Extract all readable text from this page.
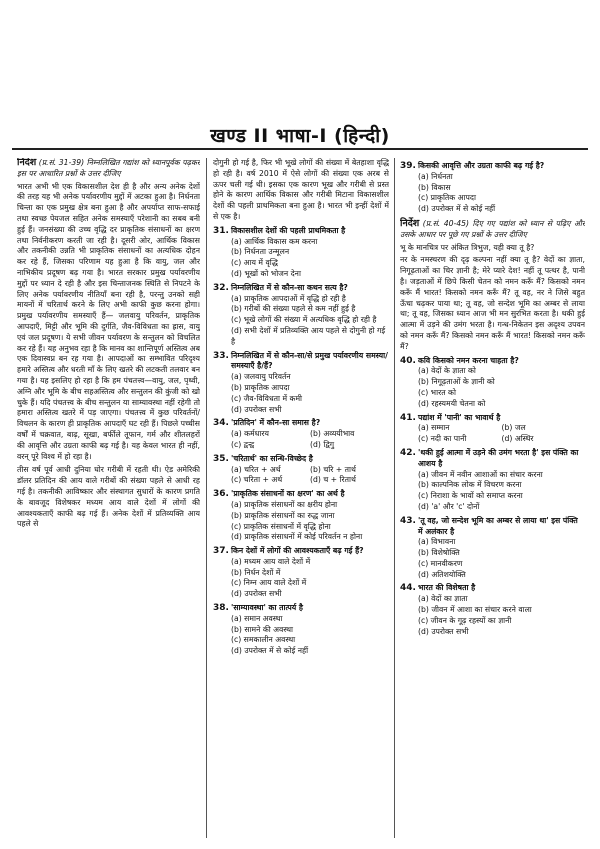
खण्ड II भाषा-I (हिन्दी)

निर्देश (प्र.सं. 31-39) निम्नलिखित गद्यांश को ध्यानपूर्वक पढ़कर इस पर आधारित प्रश्नों के उत्तर दीजिए

भारत अभी भी एक विकासशील देश ही है और अन्य अनेक देशों की तरह यह भी अनेक पर्यावरणीय मुद्दों में अटका हुआ है। निर्धनता चिन्ता का एक प्रमुख क्षेत्र बना हुआ है और अपर्याप्त साफ-सफाई तथा स्वच्छ पेयजल सहित अनेक समस्याएँ परेशानी का सबब बनी हुई हैं। जनसंख्या की उच्च वृद्धि दर प्राकृतिक संसाधनों का क्षरण तथा निर्वनीकरण करती जा रही है। दूसरी ओर, आर्थिक विकास और तकनीकी उन्नति भी प्राकृतिक संसाधनों का अत्यधिक दोहन कर रहे हैं, जिसका परिणाम यह हुआ है कि वायु, जल और नाभिकीय प्रदूषण बढ़ गया है। भारत सरकार प्रमुख पर्यावरणीय मुद्दों पर ध्यान दे रही है और इस चिन्ताजनक स्थिति से निपटने के लिए अनेक पर्यावरणीय नीतियाँ बना रही है, परन्तु उनको सही मायनों में चरितार्थ करने के लिए अभी काफी कुछ करना होगा। प्रमुख पर्यावरणीय समस्याएँ हैं— जलवायु परिवर्तन, प्राकृतिक आपदाएँ, मिट्टी और भूमि की दुर्गति, जैव-विविधता का ह्रास, वायु एवं जल प्रदूषण। ये सभी जीवन पर्यावरण के सन्तुलन को विचलित कर रहे हैं। यह अनुभव रहा है कि मानव का शान्तिपूर्ण अस्तित्व अब एक दिवास्वप्न बन रह गया है। आपदाओं का सम्भावित परिदृश्य हमारे अस्तित्व और धरती माँ के लिए खतरे की लटकती तलवार बन गया है। यह इसलिए हो रहा है कि हम पंचतत्त्व—वायु, जल, पृथ्वी, अग्नि और भूमि के बीच सहअस्तित्व और सन्तुलन की कुंजी को खो चुके हैं। यदि पंचतत्त्व के बीच सन्तुलन या साम्यावस्था नहीं रहेगी तो हमारा अस्तित्व खतरे में पड़ जाएगा। पंचतत्त्व में कुछ परिवर्तनों/विचलन के कारण ही प्राकृतिक आपदाएँ घट रही हैं। पिछले पच्चीस वर्षों में चक्रवात, बाढ़, सूखा, बर्फीले तूफान, गर्म और शीतलहरों की आवृत्ति और उग्रता काफी बढ़ गई है। यह केवल भारत ही नहीं, वरन् पूरे विश्व में हो रहा है।

तीस वर्ष पूर्व आधी दुनिया घोर गरीबी में रहती थी। ऐड अमेरिकी डॉलर प्रतिदिन की आय वाले गरीबों की संख्या पहले से आधी रह गई है। तकनीकी आविष्कार और संस्थागत सुधारों के कारण प्रगति के बावजूद विशेषकर मध्यम आय वाले देशों में लोगों की आवश्यकताएँ काफी बढ़ गई हैं। अनेक देशों में प्रतिव्यक्ति आय पहले से

दोगुनी हो गई है, फिर भी भूखे लोगों की संख्या में बेतहाशा वृद्धि हो रही है। वर्ष 2010 में ऐसे लोगों की संख्या एक अरब से ऊपर चली गई थी। इसका एक कारण भूख और गरीबी से प्रस्त होने के कारण आर्थिक विकास और गरीबी मिटाना विकासशील देशों की पहली प्राथमिकता बना हुआ है। भारत भी इन्हीं देशों में से एक है।

31. विकासशील देशों की पहली प्राथमिकता है
(a) आर्थिक विकास कम करना
(b) निर्धनता उन्मूलन
(c) आय में वृद्धि
(d) भूखों को भोजन देना
32. निम्नलिखित में से कौन-सा कथन सत्य है?
(a) प्राकृतिक आपदाओं में वृद्धि हो रही है
(b) गरीबों की संख्या पहले से कम नहीं हुई है
(c) भूखे लोगों की संख्या में अत्यधिक वृद्धि हो रही है
(d) सभी देशों में प्रतिव्यक्ति आय पहले से दोगुनी हो गई है
33. निम्नलिखित में से कौन-सा/से प्रमुख पर्यावरणीय समस्या/समस्याएँ है/हैं?
(a) जलवायु परिवर्तन
(b) प्राकृतिक आपदा
(c) जैव-विविधता में कमी
(d) उपरोक्त सभी
34. 'प्रतिदिन' में कौन-सा समास है?
(a) कर्मधारय	(b) अव्ययीभाव
(c) द्वन्द्व	(d) द्विगु
35. 'चरितार्थ' का सन्धि-विच्छेद है
(a) चरित + अर्थ	(b) चरि + तार्थ
(c) चरिता + अर्थ	(d) च + रितार्थ
36. 'प्राकृतिक संसाधनों का क्षरण' का अर्थ है
(a) प्राकृतिक संसाधनों का क्षरीय होना
(b) प्राकृतिक संसाधनों का रुद्ध जाना
(c) प्राकृतिक संसाधनों में वृद्धि होना
(d) प्राकृतिक संसाधनों में कोई परिवर्तन न होना
37. किन देशों में लोगों की आवश्यकताएँ बढ़ गई हैं?
(a) मध्यम आय वाले देशों में
(b) निर्धन देशों में
(c) निम्न आय वाले देशों में
(d) उपरोक्त सभी
38. 'साम्यावस्था' का तात्पर्य है
(a) समान अवस्था
(b) सामने की अवस्था
(c) समकालीन अवस्था
(d) उपरोक्त में से कोई नहीं
39. किसकी आवृत्ति और उग्रता काफी बढ़ गई है?
(a) निर्धनता
(b) विकास
(c) प्राकृतिक आपदा
(d) उपरोक्त में से कोई नहीं

निर्देश (प्र.सं. 40-45) दिए गए पद्यांश को ध्यान से पढ़िए और उसके आधार पर पूछे गए प्रश्नों के उत्तर दीजिए

भू के मानचित्र पर अंकित त्रिभुज, यही क्या तू है?

नर के नमस्चरण की दृढ़ कल्पना नहीं क्या तू है? वेदों का ज्ञाता, निगूढ़ताओं का चिर ज्ञानी है; मेरे प्यारे देश! नहीं तू पत्थर है, पानी है। जड़ताओं में छिपे किसी चेतन को नमन करूँ मैं? किसको नमन करूँ मैं भारत! किसको नमन करूँ मैं? तू वह, नर ने जिसे बहुत ऊँचा चढ़कर पाया था; तू वह, जो सन्देश भूमि का अम्बर से लाया था; तू वह, जिसका ध्यान आज भी मन सुरभित करता है। थकी हुई आत्मा में उड़ने की उमंग भरता है। गन्ध-निकेतन इस अदृश्य उपवन को नमन करूँ मैं? किसको नमन करूँ मैं भारत! किसको नमन करूँ मैं?

40. कवि किसको नमन करना चाहता है?
(a) वेदों के ज्ञाता को
(b) निगूढ़ताओं के ज्ञानी को
(c) भारत को
(d) रहस्यमयी चेतना को
41. पद्यांश में 'पानी' का भावार्थ है
(a) सम्मान	(b) जल
(c) नदी का पानी	(d) अस्थिर
42. 'थकी हुई आत्मा में उड़ने की उमंग भरता है' इस पंक्ति का आशय है
(a) जीवन में नवीन आशाओं का संचार करना
(b) काल्पनिक लोक में विचरण करना
(c) निराशा के भावों को समाप्त करना
(d) 'a' और 'c' दोनों
43. 'तू वह, जो सन्देश भूमि का अम्बर से लाया था' इस पंक्ति में अलंकार है
(a) विभावना
(b) विशेषोक्ति
(c) मानवीकरण
(d) अतिशयोक्ति
44. भारत की विशेषता है
(a) वेदों का ज्ञाता
(b) जीवन में आशा का संचार करने वाला
(c) जीवन के गूढ़ रहस्यों का ज्ञानी
(d) उपरोक्त सभी
